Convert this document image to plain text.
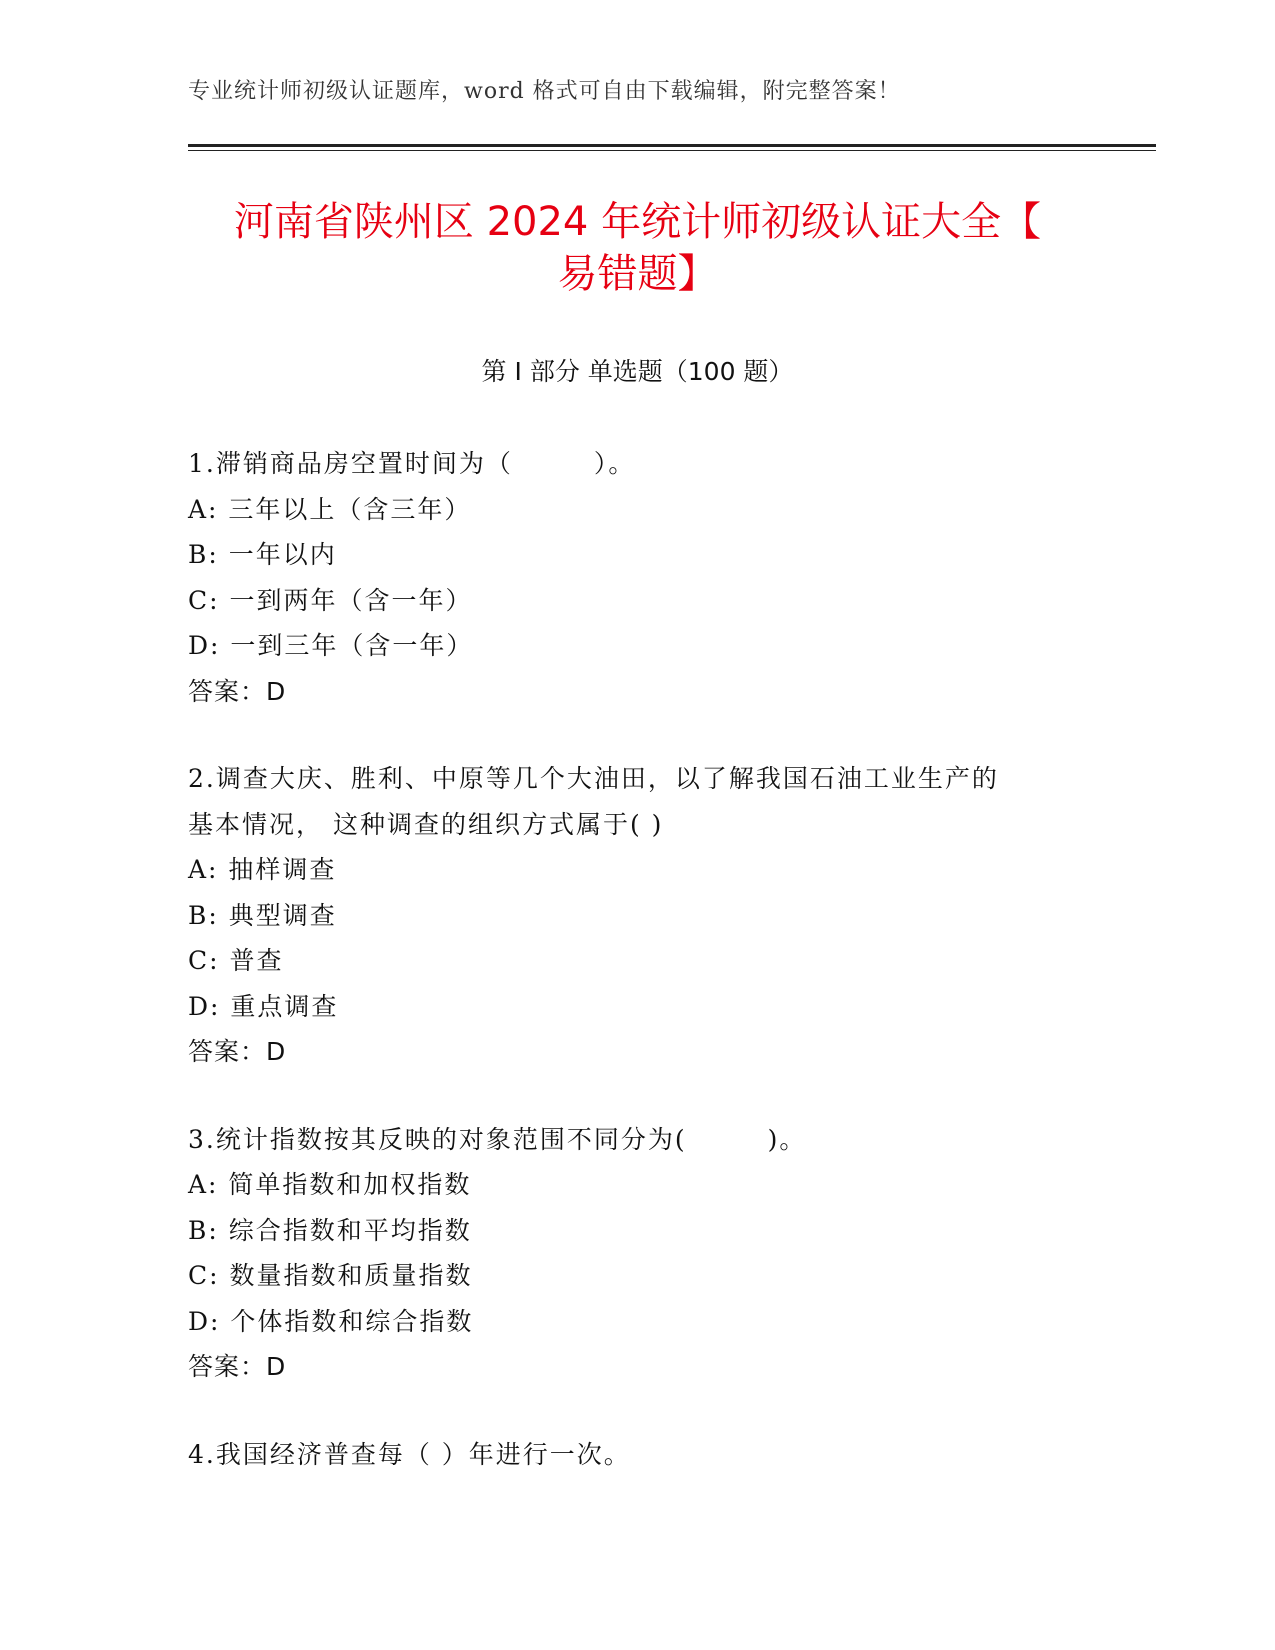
专业统计师初级认证题库，word 格式可自由下载编辑，附完整答案！
河南省陕州区 2024 年统计师初级认证大全【
易错题】
第 I 部分 单选题（100 题）

1.滞销商品房空置时间为（　　　）。

A: 三年以上（含三年）

B: 一年以内

C: 一到两年（含一年）

D: 一到三年（含一年）

答案：D

2.调查大庆、胜利、中原等几个大油田，以了解我国石油工业生产的

基本情况， 这种调查的组织方式属于( )

A: 抽样调查

B: 典型调查

C: 普查

D: 重点调查

答案：D

3.统计指数按其反映的对象范围不同分为(　　　)。

A: 简单指数和加权指数

B: 综合指数和平均指数

C: 数量指数和质量指数

D: 个体指数和综合指数

答案：D

4.我国经济普查每（ ）年进行一次。
